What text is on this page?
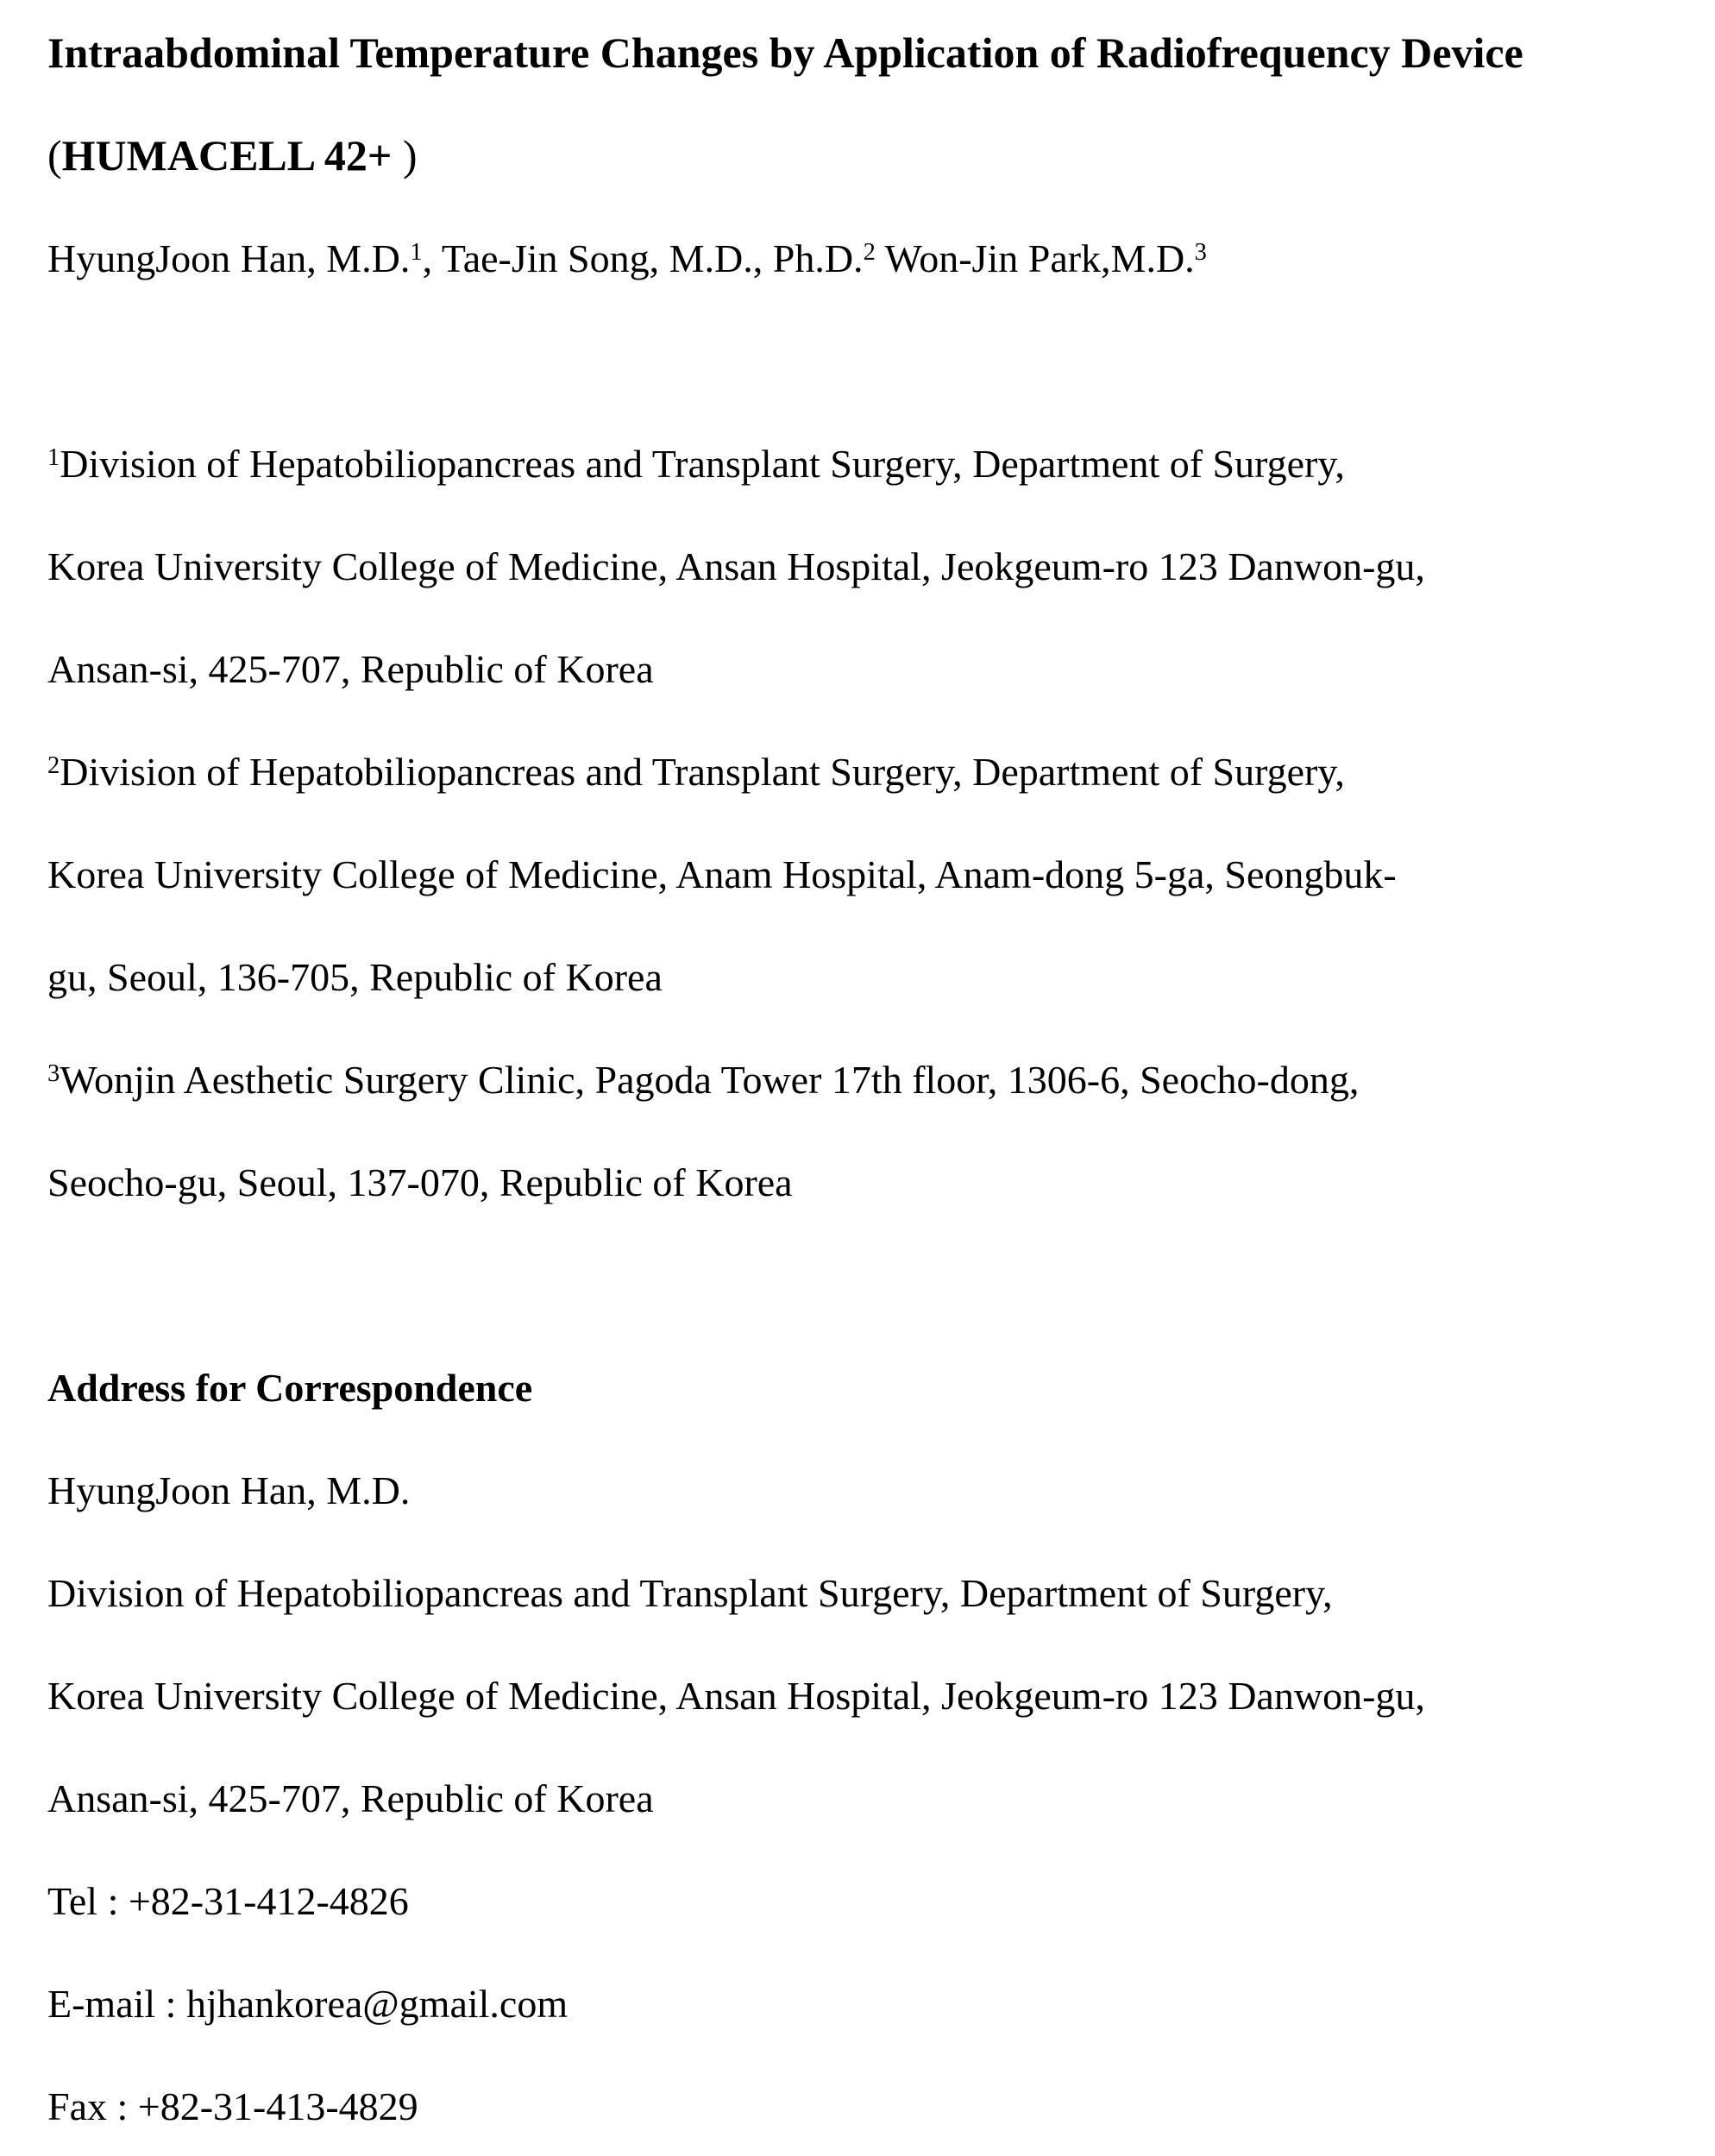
Intraabdominal Temperature Changes by Application of Radiofrequency Device

(HUMACELL 42+ )

HyungJoon Han, M.D.$^1$, Tae-Jin Song, M.D., Ph.D.$^2$ Won-Jin Park,M.D.$^3$

$^1$Division of Hepatobiliopancreas and Transplant Surgery, Department of Surgery,

Korea University College of Medicine, Ansan Hospital, Jeokgeum-ro 123 Danwon-gu,

Ansan-si, 425-707, Republic of Korea

$^2$Division of Hepatobiliopancreas and Transplant Surgery, Department of Surgery,

Korea University College of Medicine, Anam Hospital, Anam-dong 5-ga, Seongbuk-

gu, Seoul, 136-705, Republic of Korea

$^3$Wonjin Aesthetic Surgery Clinic, Pagoda Tower 17th floor, 1306-6, Seocho-dong,

Seocho-gu, Seoul, 137-070, Republic of Korea

Address for Correspondence

HyungJoon Han, M.D.

Division of Hepatobiliopancreas and Transplant Surgery, Department of Surgery,

Korea University College of Medicine, Ansan Hospital, Jeokgeum-ro 123 Danwon-gu,

Ansan-si, 425-707, Republic of Korea

Tel : +82-31-412-4826

E-mail : hjhankorea@gmail.com

Fax : +82-31-413-4829
